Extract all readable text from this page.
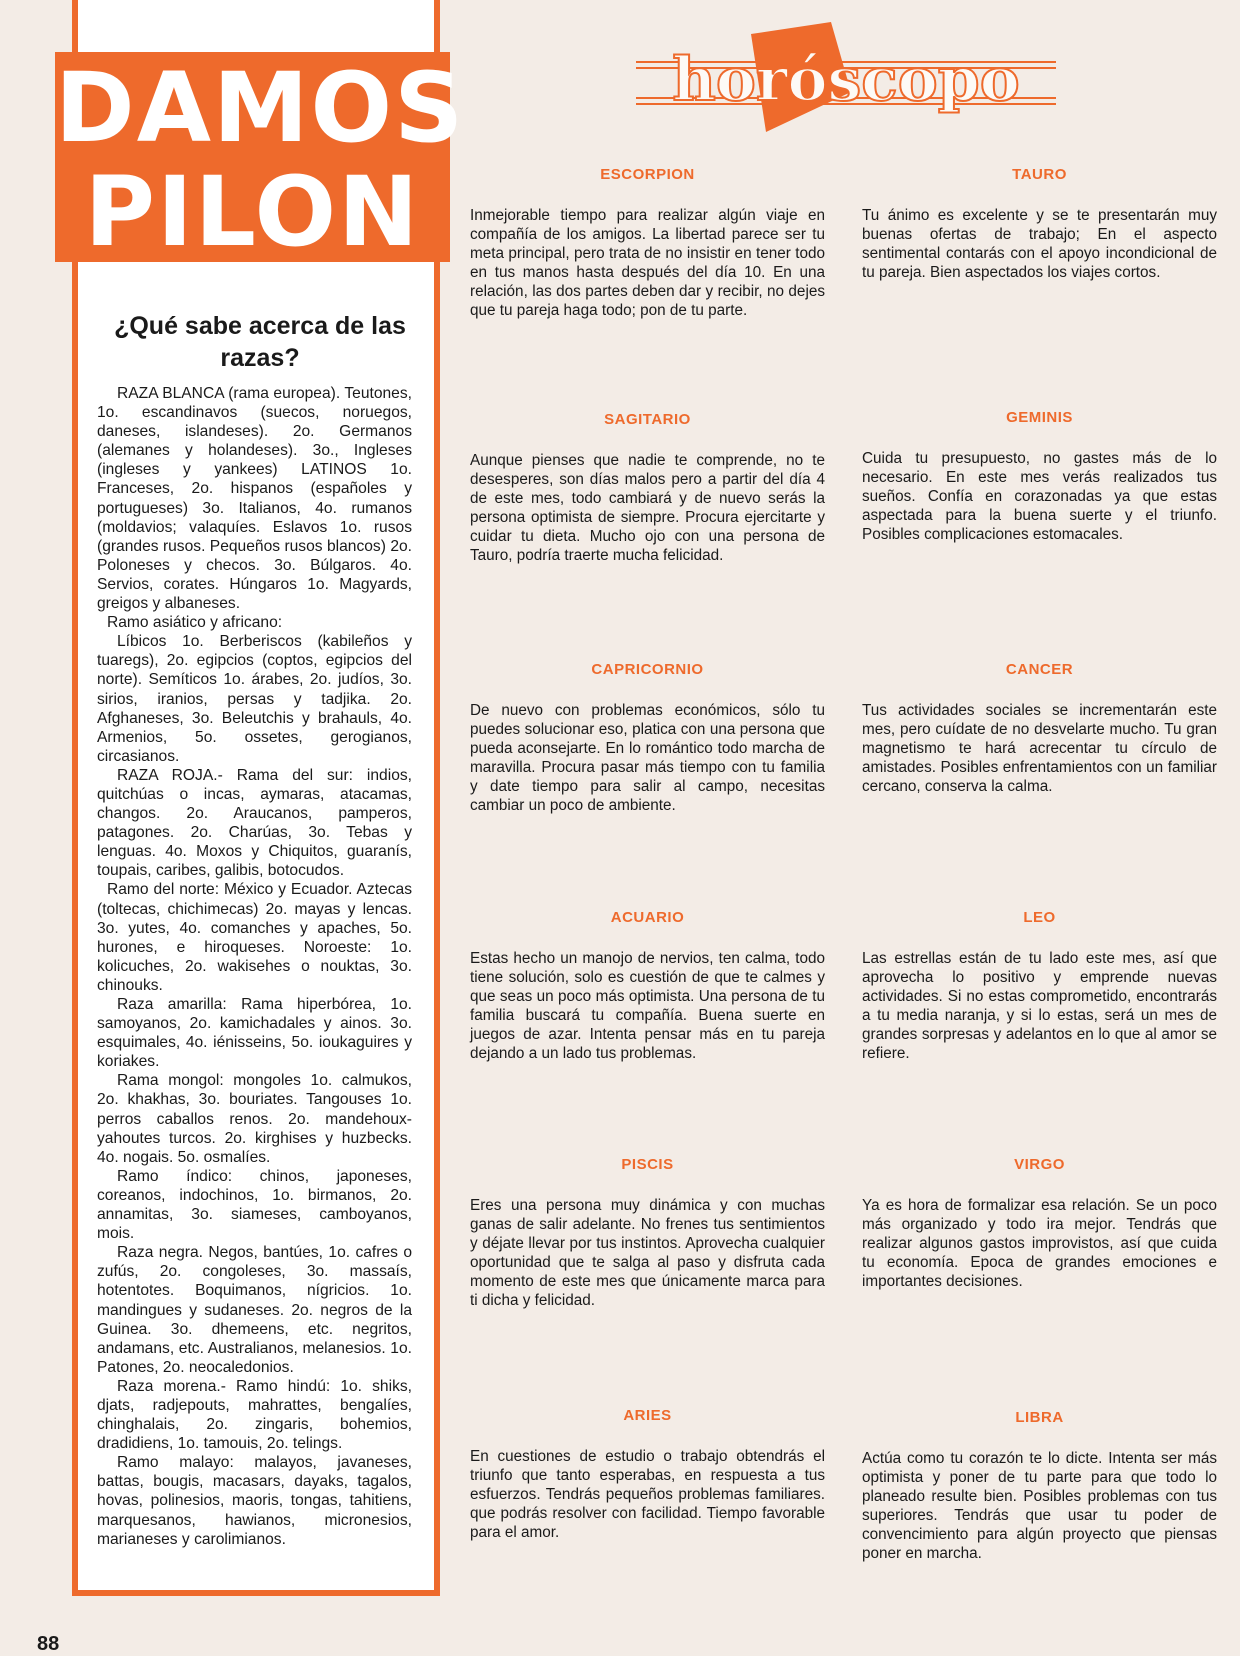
DAMOS
PILON
¿Qué sabe acerca de las razas?

RAZA BLANCA (rama europea). Teutones, 1o. escandinavos (suecos, noruegos, daneses, islandeses). 2o. Germanos (alemanes y holandeses). 3o., Ingleses (ingleses y yankees) LATINOS 1o. Franceses, 2o. hispanos (españoles y portugueses) 3o. Italianos, 4o. rumanos (moldavios; valaquíes. Eslavos 1o. rusos (grandes rusos. Pequeños rusos blancos) 2o. Poloneses y checos. 3o. Búlgaros. 4o. Servios, corates. Húngaros 1o. Magyards, greigos y albaneses.

Ramo asiático y africano:

Líbicos 1o. Berberiscos (kabileños y tuaregs), 2o. egipcios (coptos, egipcios del norte). Semíticos 1o. árabes, 2o. judíos, 3o. sirios, iranios, persas y tadjika. 2o. Afghaneses, 3o. Beleutchis y brahauls, 4o. Armenios, 5o. ossetes, gerogianos, circasianos.

RAZA ROJA.- Rama del sur: indios, quitchúas o incas, aymaras, atacamas, changos. 2o. Araucanos, pamperos, patagones. 2o. Charúas, 3o. Tebas y lenguas. 4o. Moxos y Chiquitos, guaranís, toupais, caribes, galibis, botocudos.

Ramo del norte: México y Ecuador. Aztecas (toltecas, chichimecas) 2o. mayas y lencas. 3o. yutes, 4o. comanches y apaches, 5o. hurones, e hiroqueses. Noroeste: 1o. kolicuches, 2o. wakisehes o nouktas, 3o. chinouks.

Raza amarilla: Rama hiperbórea, 1o. samoyanos, 2o. kamichadales y ainos. 3o. esquimales, 4o. iénisseins, 5o. ioukaguires y koriakes.

Rama mongol: mongoles 1o. calmukos, 2o. khakhas, 3o. bouriates. Tangouses 1o. perros caballos renos. 2o. mandehoux-yahoutes turcos. 2o. kirghises y huzbecks. 4o. nogais. 5o. osmalíes.

Ramo índico: chinos, japoneses, coreanos, indochinos, 1o. birmanos, 2o. annamitas, 3o. siameses, camboyanos, mois.

Raza negra. Negos, bantúes, 1o. cafres o zufús, 2o. congoleses, 3o. massaís, hotentotes. Boquimanos, nígricios. 1o. mandingues y sudaneses. 2o. negros de la Guinea. 3o. dhemeens, etc. negritos, andamans, etc. Australianos, melanesios. 1o. Patones, 2o. neocaledonios.

Raza morena.- Ramo hindú: 1o. shiks, djats, radjepouts, mahrattes, bengalíes, chinghalais, 2o. zingaris, bohemios, dradidiens, 1o. tamouis, 2o. telings.

Ramo malayo: malayos, javaneses, battas, bougis, macasars, dayaks, tagalos, hovas, polinesios, maoris, tongas, tahitiens, marquesanos, hawianos, micronesios, marianeses y carolimianos.

88
horóscopo
ESCORPION

Inmejorable tiempo para realizar algún viaje en compañía de los amigos. La libertad parece ser tu meta principal, pero trata de no insistir en tener todo en tus manos hasta después del día 10. En una relación, las dos partes deben dar y recibir, no dejes que tu pareja haga todo; pon de tu parte.

TAURO

Tu ánimo es excelente y se te presentarán muy buenas ofertas de trabajo; En el aspecto sentimental contarás con el apoyo incondicional de tu pareja. Bien aspectados los viajes cortos.

SAGITARIO

Aunque pienses que nadie te comprende, no te desesperes, son días malos pero a partir del día 4 de este mes, todo cambiará y de nuevo serás la persona optimista de siempre. Procura ejercitarte y cuidar tu dieta. Mucho ojo con una persona de Tauro, podría traerte mucha felicidad.

GEMINIS

Cuida tu presupuesto, no gastes más de lo necesario. En este mes verás realizados tus sueños. Confía en corazonadas ya que estas aspectada para la buena suerte y el triunfo. Posibles complicaciones estomacales.

CAPRICORNIO

De nuevo con problemas económicos, sólo tu puedes solucionar eso, platica con una persona que pueda aconsejarte. En lo romántico todo marcha de maravilla. Procura pasar más tiempo con tu familia y date tiempo para salir al campo, necesitas cambiar un poco de ambiente.

CANCER

Tus actividades sociales se incrementarán este mes, pero cuídate de no desvelarte mucho. Tu gran magnetismo te hará acrecentar tu círculo de amistades. Posibles enfrentamientos con un familiar cercano, conserva la calma.

ACUARIO

Estas hecho un manojo de nervios, ten calma, todo tiene solución, solo es cuestión de que te calmes y que seas un poco más optimista. Una persona de tu familia buscará tu compañía. Buena suerte en juegos de azar. Intenta pensar más en tu pareja dejando a un lado tus problemas.

LEO

Las estrellas están de tu lado este mes, así que aprovecha lo positivo y emprende nuevas actividades. Si no estas comprometido, encontrarás a tu media naranja, y si lo estas, será un mes de grandes sorpresas y adelantos en lo que al amor se refiere.

PISCIS

Eres una persona muy dinámica y con muchas ganas de salir adelante. No frenes tus sentimientos y déjate llevar por tus instintos. Aprovecha cualquier oportunidad que te salga al paso y disfruta cada momento de este mes que únicamente marca para ti dicha y felicidad.

VIRGO

Ya es hora de formalizar esa relación. Se un poco más organizado y todo ira mejor. Tendrás que realizar algunos gastos improvistos, así que cuida tu economía. Epoca de grandes emociones e importantes decisiones.

ARIES

En cuestiones de estudio o trabajo obtendrás el triunfo que tanto esperabas, en respuesta a tus esfuerzos. Tendrás pequeños problemas familiares. que podrás resolver con facilidad. Tiempo favorable para el amor.

LIBRA

Actúa como tu corazón te lo dicte. Intenta ser más optimista y poner de tu parte para que todo lo planeado resulte bien. Posibles problemas con tus superiores. Tendrás que usar tu poder de convencimiento para algún proyecto que piensas poner en marcha.
